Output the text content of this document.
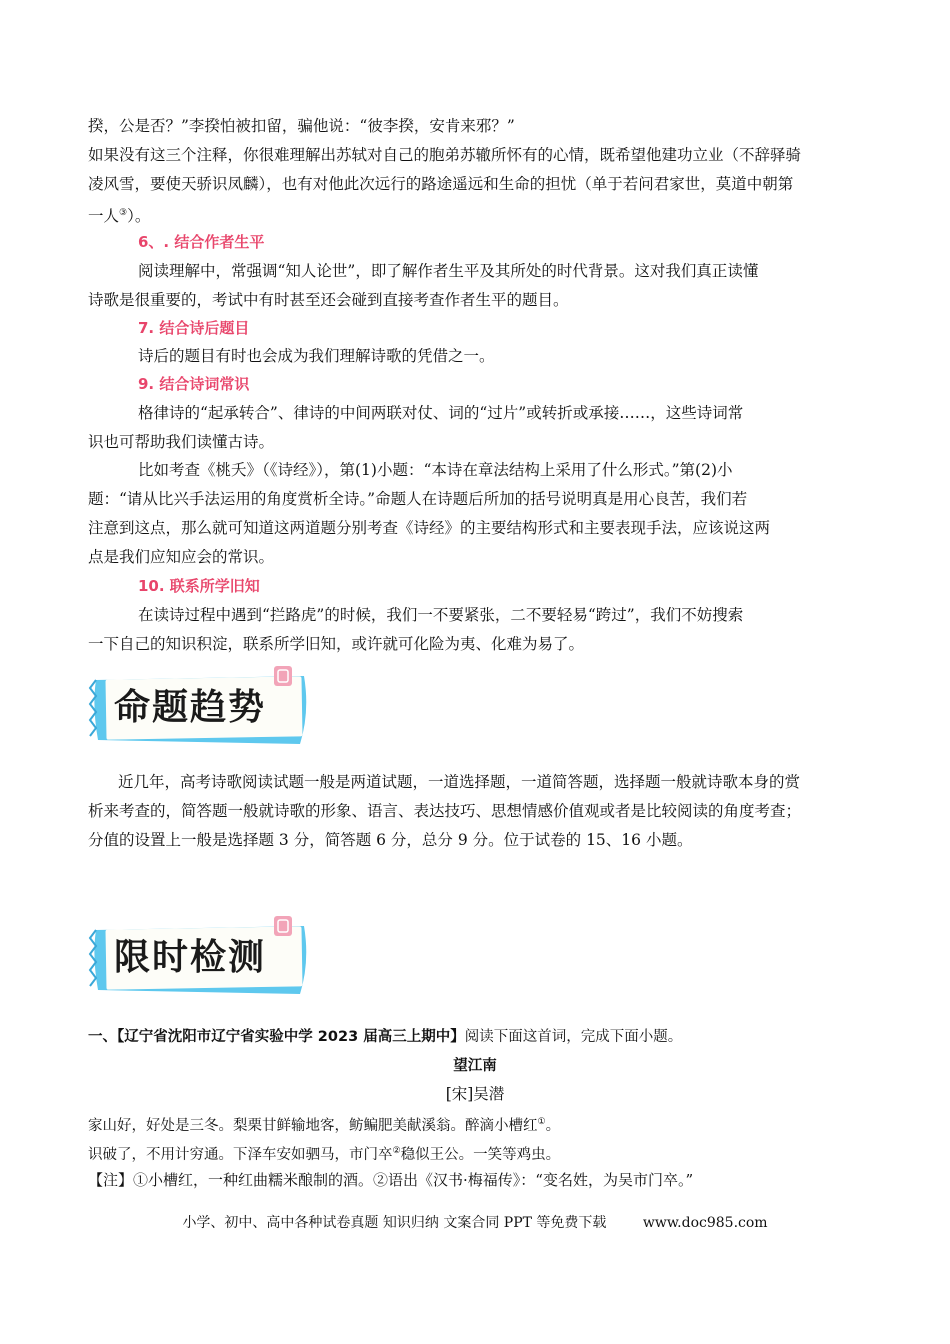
揆，公是否？”李揆怕被扣留，骗他说：“彼李揆，安肯来邪？”
如果没有这三个注释，你很难理解出苏轼对自己的胞弟苏辙所怀有的心情，既希望他建功立业（不辞驿骑
凌风雪，要使天骄识凤麟），也有对他此次远行的路途遥远和生命的担忧（单于若问君家世，莫道中朝第
一人③）。
6、. 结合作者生平
阅读理解中，常强调“知人论世”，即了解作者生平及其所处的时代背景。这对我们真正读懂
诗歌是很重要的，考试中有时甚至还会碰到直接考查作者生平的题目。
7. 结合诗后题目
诗后的题目有时也会成为我们理解诗歌的凭借之一。
9. 结合诗词常识
格律诗的“起承转合”、律诗的中间两联对仗、词的“过片”或转折或承接……，这些诗词常
识也可帮助我们读懂古诗。
比如考查《桃夭》（《诗经》），第(1)小题：“本诗在章法结构上采用了什么形式。”第(2)小
题：“请从比兴手法运用的角度赏析全诗。”命题人在诗题后所加的括号说明真是用心良苦，我们若
注意到这点，那么就可知道这两道题分别考查《诗经》的主要结构形式和主要表现手法，应该说这两
点是我们应知应会的常识。
10. 联系所学旧知
在读诗过程中遇到“拦路虎”的时候，我们一不要紧张，二不要轻易“跨过”，我们不妨搜索
一下自己的知识积淀，联系所学旧知，或许就可化险为夷、化难为易了。
命题趋势
近几年，高考诗歌阅读试题一般是两道试题，一道选择题，一道简答题，选择题一般就诗歌本身的赏
析来考查的，简答题一般就诗歌的形象、语言、表达技巧、思想情感价值观或者是比较阅读的角度考查；
分值的设置上一般是选择题 3 分，简答题 6 分，总分 9 分。位于试卷的 15、16 小题。
限时检测
一、【辽宁省沈阳市辽宁省实验中学 2023 届高三上期中】阅读下面这首词，完成下面小题。
望江南
[宋]吴潜
家山好，好处是三冬。梨栗甘鲜输地客，鲂鳊肥美献溪翁。醉滴小槽红①。
识破了，不用计穷通。下泽车安如驷马，市门卒②稳似王公。一笑等鸡虫。
【注】①小槽红，一种红曲糯米酿制的酒。②语出《汉书·梅福传》：“变名姓，为吴市门卒。”
小学、初中、高中各种试卷真题 知识归纳 文案合同 PPT 等免费下载	www.doc985.com
